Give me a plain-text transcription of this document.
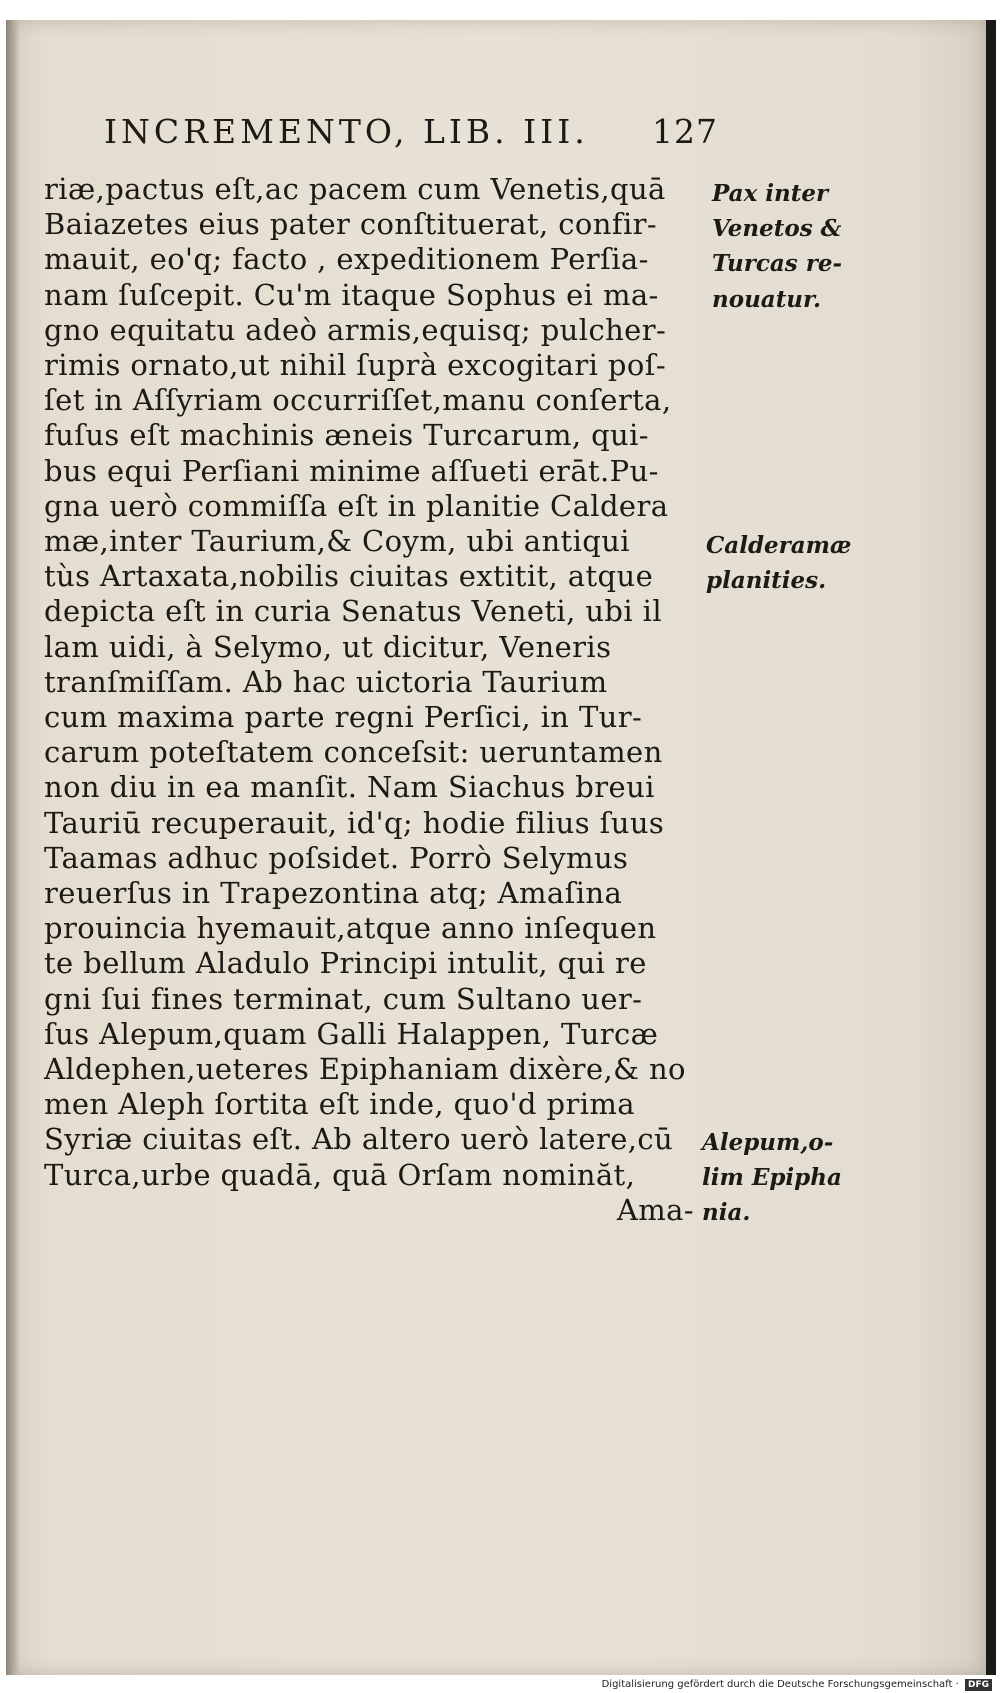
INCREMENTO, LIB. III. 127
riæ,pactus eſt,ac pacem cum Venetis,quā
Baiazetes eius pater conſtituerat, confir-
mauit, eo'q; facto , expeditionem Perſia-
nam ſuſcepit. Cu'm itaque Sophus ei ma-
gno equitatu adeò armis,equisq; pulcher-
rimis ornato,ut nihil ſuprà excogitari poſ-
ſet in Aſſyriam occurriſſet,manu conſerta,
fuſus eſt machinis æneis Turcarum, qui-
bus equi Perſiani minime aſſueti erāt.Pu-
gna uerò commiſſa eſt in planitie Caldera
mæ,inter Taurium,& Coym, ubi antiqui
tùs Artaxata,nobilis ciuitas extitit, atque
depicta eſt in curia Senatus Veneti, ubi il
lam uidi, à Selymo, ut dicitur, Veneris
tranſmiſſam. Ab hac uictoria Taurium
cum maxima parte regni Perſici, in Tur-
carum poteſtatem conceſsit: ueruntamen
non diu in ea manſit. Nam Siachus breui
Tauriū recuperauit, id'q; hodie filius ſuus
Taamas adhuc poſsidet. Porrò Selymus
reuerſus in Trapezontina atq; Amaſina
prouincia hyemauit,atque anno inſequen
te bellum Aladulo Principi intulit, qui re
gni ſui fines terminat, cum Sultano uer-
ſus Alepum,quam Galli Halappen, Turcæ
Aldephen,ueteres Epiphaniam dixère,& no
men Aleph ſortita eſt inde, quo'd prima
Syriæ ciuitas eſt. Ab altero uerò latere,cū
Turca,urbe quadā, quā Orſam nominăt,
Ama-
Pax inter
Venetos &
Turcas re-
nouatur.
Calderamæ
planities.
Alepum,o-
lim Epipha
nia.
Digitalisierung gefördert durch die Deutsche Forschungsgemeinschaft · DFG
